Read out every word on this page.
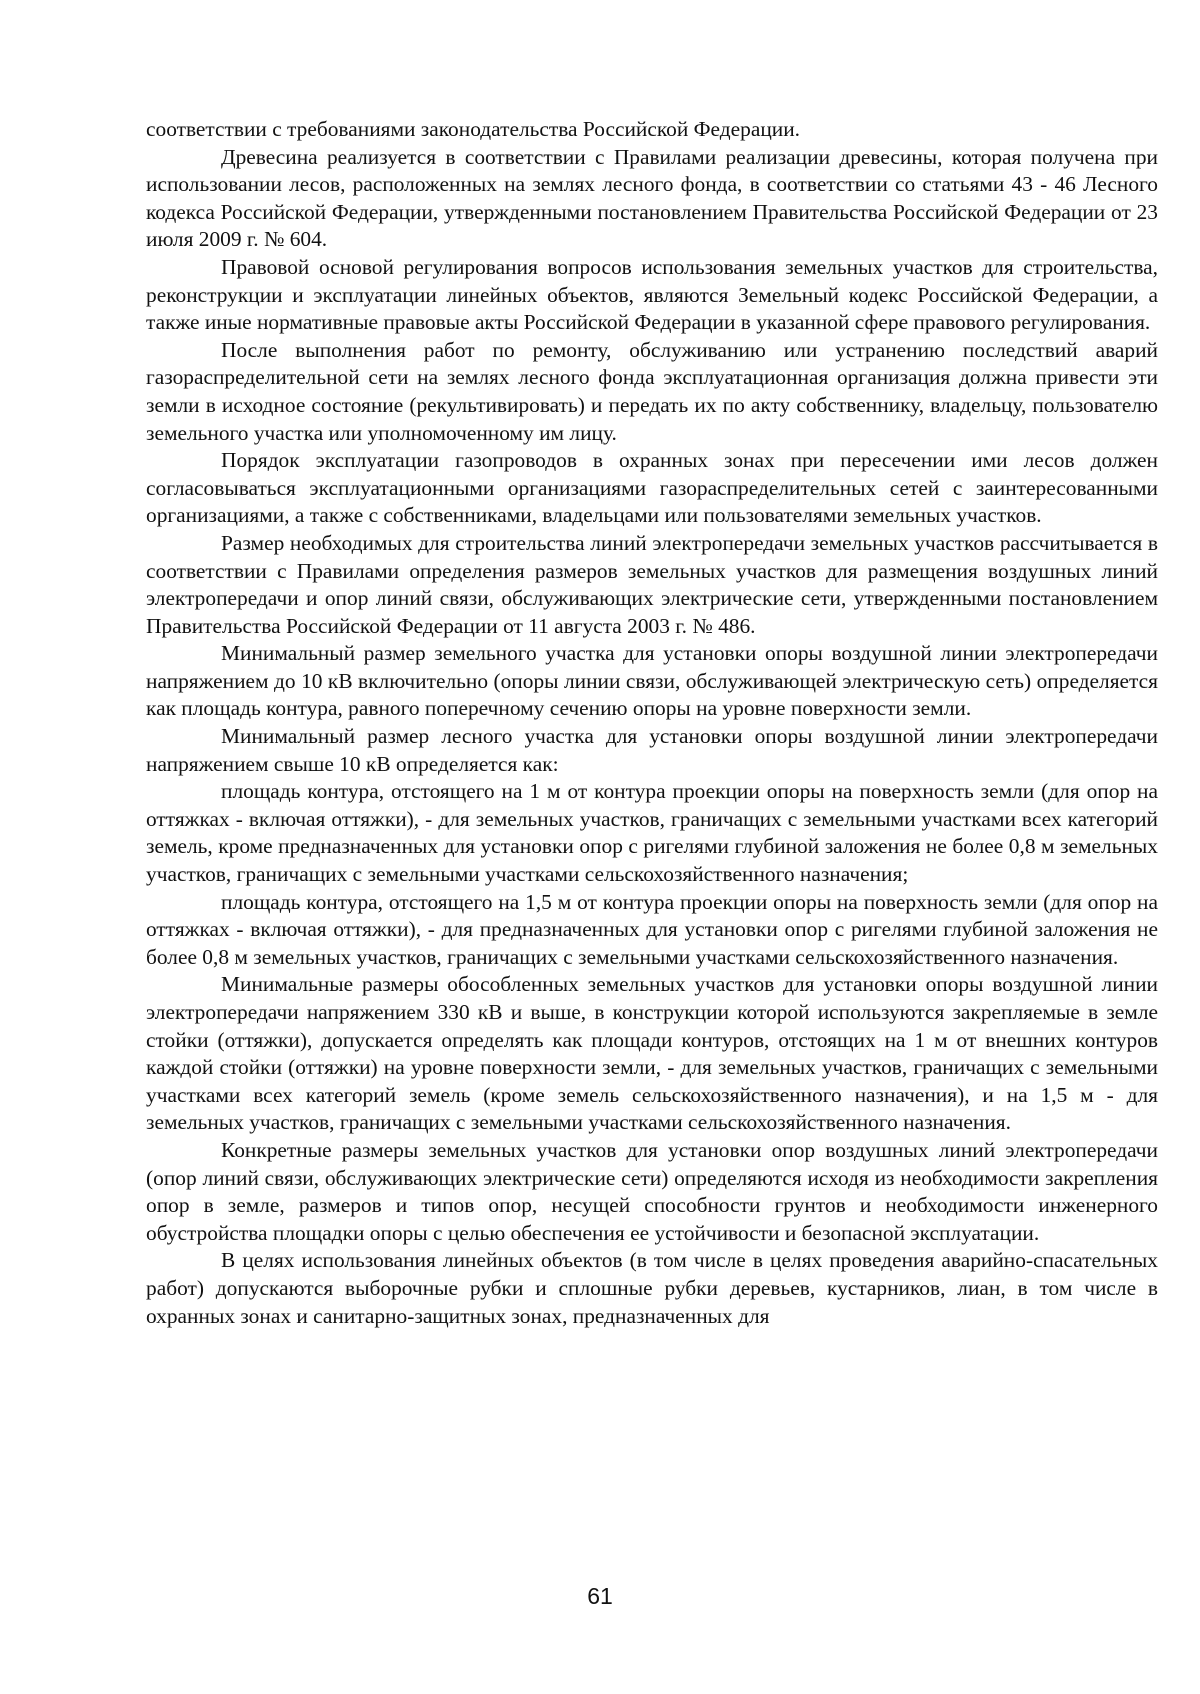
соответствии с требованиями законодательства Российской Федерации.

Древесина реализуется в соответствии с Правилами реализации древесины, которая получена при использовании лесов, расположенных на землях лесного фонда, в соответствии со статьями 43 - 46 Лесного кодекса Российской Федерации, утвержденными постановлением Правительства Российской Федерации от 23 июля 2009 г. № 604.

Правовой основой регулирования вопросов использования земельных участков для строительства, реконструкции и эксплуатации линейных объектов, являются Земельный кодекс Российской Федерации, а также иные нормативные правовые акты Российской Федерации в указанной сфере правового регулирования.

После выполнения работ по ремонту, обслуживанию или устранению последствий аварий газораспределительной сети на землях лесного фонда эксплуатационная организация должна привести эти земли в исходное состояние (рекультивировать) и передать их по акту собственнику, владельцу, пользователю земельного участка или уполномоченному им лицу.

Порядок эксплуатации газопроводов в охранных зонах при пересечении ими лесов должен согласовываться эксплуатационными организациями газораспределительных сетей с заинтересованными организациями, а также с собственниками, владельцами или пользователями земельных участков.

Размер необходимых для строительства линий электропередачи земельных участков рассчитывается в соответствии с Правилами определения размеров земельных участков для размещения воздушных линий электропередачи и опор линий связи, обслуживающих электрические сети, утвержденными постановлением Правительства Российской Федерации от 11 августа 2003 г. № 486.

Минимальный размер земельного участка для установки опоры воздушной линии электропередачи напряжением до 10 кВ включительно (опоры линии связи, обслуживающей электрическую сеть) определяется как площадь контура, равного поперечному сечению опоры на уровне поверхности земли.

Минимальный размер лесного участка для установки опоры воздушной линии электропередачи напряжением свыше 10 кВ определяется как:

площадь контура, отстоящего на 1 м от контура проекции опоры на поверхность земли (для опор на оттяжках - включая оттяжки), - для земельных участков, граничащих с земельными участками всех категорий земель, кроме предназначенных для установки опор с ригелями глубиной заложения не более 0,8 м земельных участков, граничащих с земельными участками сельскохозяйственного назначения;

площадь контура, отстоящего на 1,5 м от контура проекции опоры на поверхность земли (для опор на оттяжках - включая оттяжки), - для предназначенных для установки опор с ригелями глубиной заложения не более 0,8 м земельных участков, граничащих с земельными участками сельскохозяйственного назначения.

Минимальные размеры обособленных земельных участков для установки опоры воздушной линии электропередачи напряжением 330 кВ и выше, в конструкции которой используются закрепляемые в земле стойки (оттяжки), допускается определять как площади контуров, отстоящих на 1 м от внешних контуров каждой стойки (оттяжки) на уровне поверхности земли, - для земельных участков, граничащих с земельными участками всех категорий земель (кроме земель сельскохозяйственного назначения), и на 1,5 м - для земельных участков, граничащих с земельными участками сельскохозяйственного назначения.

Конкретные размеры земельных участков для установки опор воздушных линий электропередачи (опор линий связи, обслуживающих электрические сети) определяются исходя из необходимости закрепления опор в земле, размеров и типов опор, несущей способности грунтов и необходимости инженерного обустройства площадки опоры с целью обеспечения ее устойчивости и безопасной эксплуатации.

В целях использования линейных объектов (в том числе в целях проведения аварийно-спасательных работ) допускаются выборочные рубки и сплошные рубки деревьев, кустарников, лиан, в том числе в охранных зонах и санитарно-защитных зонах, предназначенных для

61
